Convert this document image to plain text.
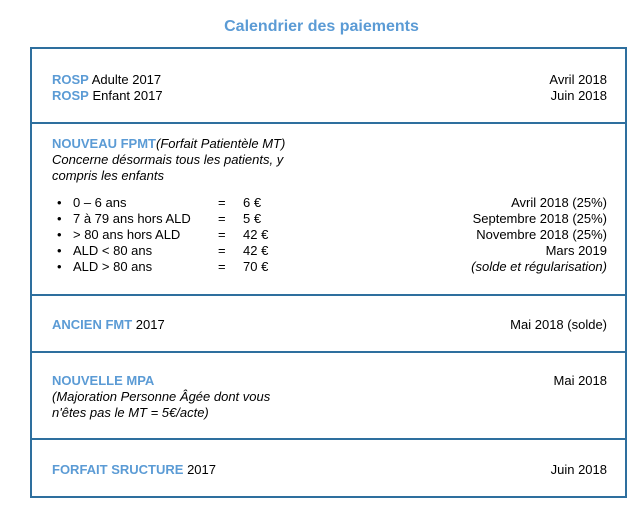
Calendrier des paiements
ROSP Adulte 2017	Avril 2018
ROSP Enfant 2017	Juin 2018
NOUVEAU FPMT (Forfait Patientèle MT)
Concerne désormais tous les patients, y
compris les enfants
• 0 – 6 ans	=	6 €	Avril 2018 (25%)
• 7 à 79 ans hors ALD	=	5 €	Septembre 2018 (25%)
• > 80 ans hors ALD	=	42 €	Novembre 2018 (25%)
• ALD < 80 ans	=	42 €	Mars 2019
• ALD > 80 ans	=	70 €	(solde et régularisation)
ANCIEN FMT 2017	Mai 2018 (solde)
NOUVELLE MPA	Mai 2018
(Majoration Personne Âgée dont vous
n'êtes pas le MT = 5€/acte)
FORFAIT SRUCTURE 2017	Juin 2018
